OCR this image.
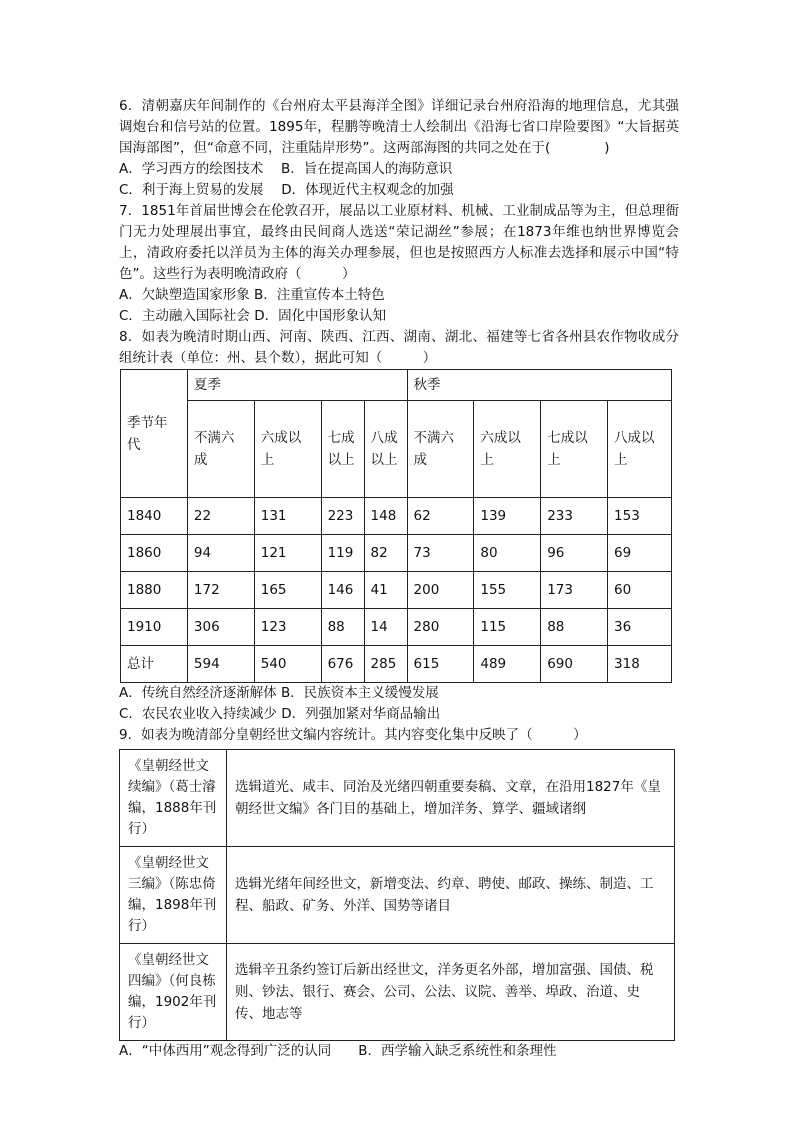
6．清朝嘉庆年间制作的《台州府太平县海洋全图》详细记录台州府沿海的地理信息，尤其强调炮台和信号站的位置。1895年，程鹏等晚清士人绘制出《沿海七省口岸险要图》“大旨据英国海部图”，但“命意不同，注重陆岸形势”。这两部海图的共同之处在于(　　　　)

A．学习西方的绘图技术　 B．旨在提高国人的海防意识

C．利于海上贸易的发展　 D．体现近代主权观念的加强

7．1851年首届世博会在伦敦召开，展品以工业原材料、机械、工业制成品等为主，但总理衙门无力处理展出事宜，最终由民间商人选送“荣记湖丝”参展；在1873年维也纳世界博览会上，清政府委托以洋员为主体的海关办理参展，但也是按照西方人标准去选择和展示中国“特色”。这些行为表明晚清政府（　　　）

A．欠缺塑造国家形象 B．注重宣传本土特色

C．主动融入国际社会 D．固化中国形象认知

8．如表为晚清时期山西、河南、陕西、江西、湖南、湖北、福建等七省各州县农作物收成分组统计表（单位：州、县个数），据此可知（　　　）

季节年代	夏季				秋季			
	不满六成	六成以上	七成以上	八成以上	不满六成	六成以上	七成以上	八成以上
1840	22	131	223	148	62	139	233	153
1860	94	121	119	82	73	80	96	69
1880	172	165	146	41	200	155	173	60
1910	306	123	88	14	280	115	88	36
总计	594	540	676	285	615	489	690	318

A．传统自然经济逐渐解体 B．民族资本主义缓慢发展

C．农民农业收入持续减少 D．列强加紧对华商品输出

9．如表为晚清部分皇朝经世文编内容统计。其内容变化集中反映了（　　　）

《皇朝经世文续编》（葛士濬编，1888年刊行）	选辑道光、咸丰、同治及光绪四朝重要奏稿、文章，在沿用1827年《皇朝经世文编》各门目的基础上，增加洋务、算学、疆域诸纲
《皇朝经世文三编》（陈忠倚编，1898年刊行）	选辑光绪年间经世文，新增变法、约章、聘使、邮政、操练、制造、工程、船政、矿务、外洋、国势等诸目
《皇朝经世文四编》（何良栋编，1902年刊行）	选辑辛丑条约签订后新出经世文，洋务更名外部，增加富强、国债、税则、钞法、银行、赛会、公司、公法、议院、善举、埠政、治道、史传、地志等

A．“中体西用”观念得到广泛的认同　　B．西学输入缺乏系统性和条理性
